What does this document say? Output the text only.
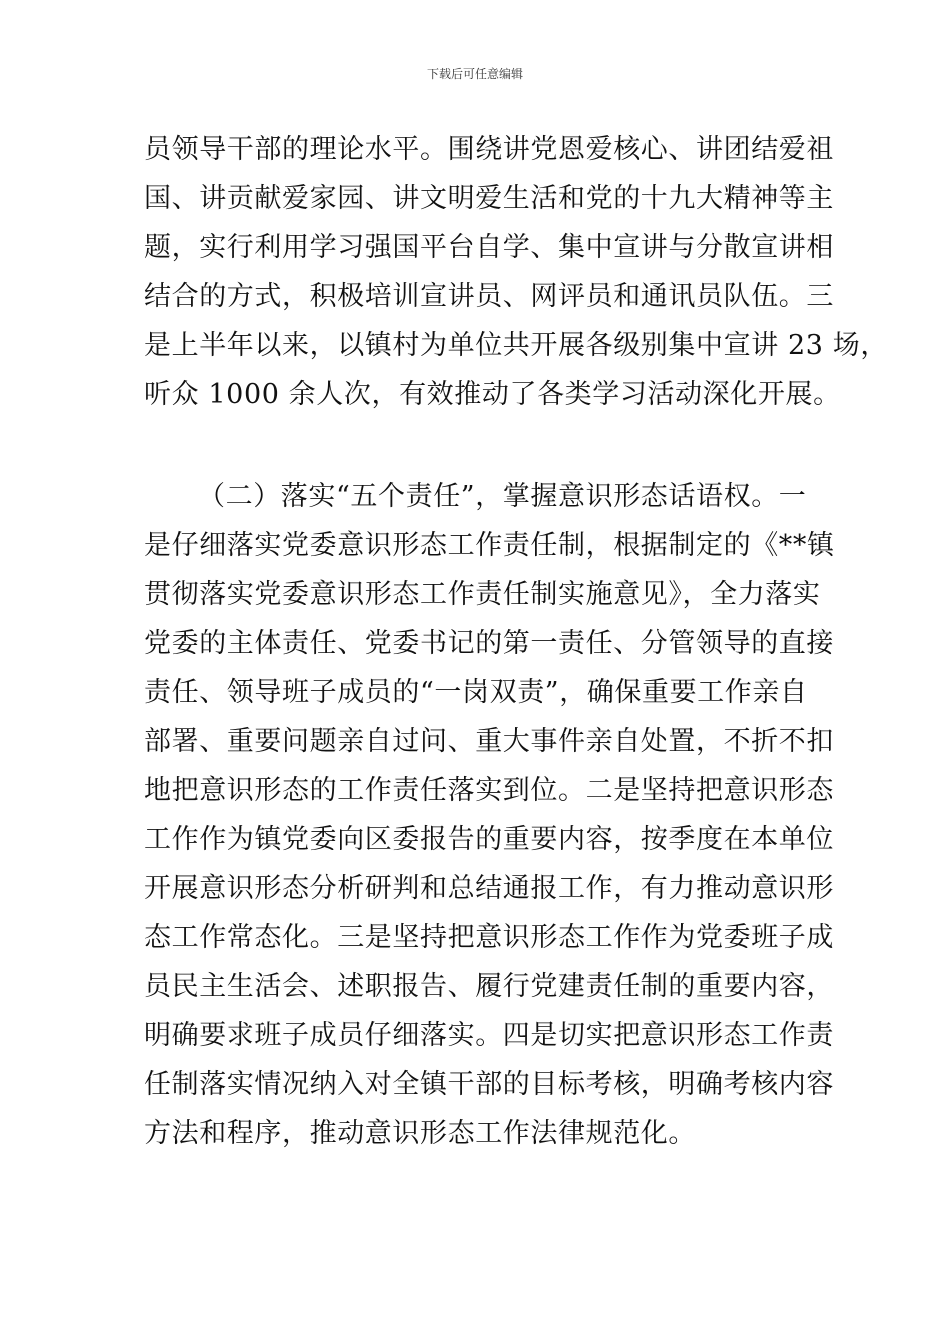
下载后可任意编辑
员领导干部的理论水平。围绕讲党恩爱核心、讲团结爱祖
国、讲贡献爱家园、讲文明爱生活和党的十九大精神等主
题，实行利用学习强国平台自学、集中宣讲与分散宣讲相
结合的方式，积极培训宣讲员、网评员和通讯员队伍。三
是上半年以来，以镇村为单位共开展各级别集中宣讲 23 场，
听众 1000 余人次，有效推动了各类学习活动深化开展。
（二）落实“五个责任”，掌握意识形态话语权。一
是仔细落实党委意识形态工作责任制，根据制定的《**镇
贯彻落实党委意识形态工作责任制实施意见》，全力落实
党委的主体责任、党委书记的第一责任、分管领导的直接
责任、领导班子成员的“一岗双责”，确保重要工作亲自
部署、重要问题亲自过问、重大事件亲自处置，不折不扣
地把意识形态的工作责任落实到位。二是坚持把意识形态
工作作为镇党委向区委报告的重要内容，按季度在本单位
开展意识形态分析研判和总结通报工作，有力推动意识形
态工作常态化。三是坚持把意识形态工作作为党委班子成
员民主生活会、述职报告、履行党建责任制的重要内容，
明确要求班子成员仔细落实。四是切实把意识形态工作责
任制落实情况纳入对全镇干部的目标考核，明确考核内容
方法和程序，推动意识形态工作法律规范化。
